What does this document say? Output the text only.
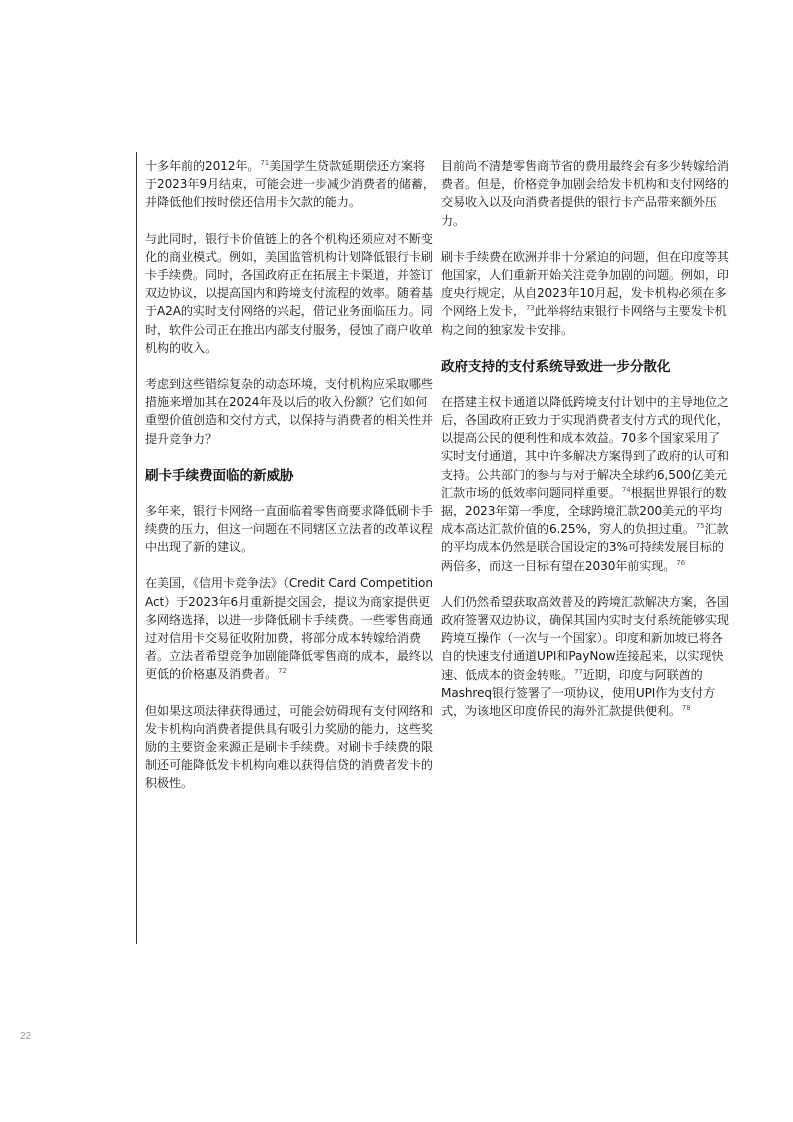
十多年前的2012年。$^{71}$美国学生贷款延期偿还方案将于2023年9月结束，可能会进一步减少消费者的储蓄，并降低他们按时偿还信用卡欠款的能力。

与此同时，银行卡价值链上的各个机构还须应对不断变化的商业模式。例如，美国监管机构计划降低银行卡刷卡手续费。同时，各国政府正在拓展主卡渠道，并签订双边协议，以提高国内和跨境支付流程的效率。随着基于A2A的实时支付网络的兴起，借记业务面临压力。同时，软件公司正在推出内部支付服务，侵蚀了商户收单机构的收入。

考虑到这些错综复杂的动态环境，支付机构应采取哪些措施来增加其在2024年及以后的收入份额？它们如何重塑价值创造和交付方式，以保持与消费者的相关性并提升竞争力？

刷卡手续费面临的新威胁

多年来，银行卡网络一直面临着零售商要求降低刷卡手续费的压力，但这一问题在不同辖区立法者的改革议程中出现了新的建议。

在美国，《信用卡竞争法》（Credit Card Competition Act）于2023年6月重新提交国会，提议为商家提供更多网络选择，以进一步降低刷卡手续费。一些零售商通过对信用卡交易征收附加费，将部分成本转嫁给消费者。立法者希望竞争加剧能降低零售商的成本，最终以更低的价格惠及消费者。$^{72}$

但如果这项法律获得通过，可能会妨碍现有支付网络和发卡机构向消费者提供具有吸引力奖励的能力，这些奖励的主要资金来源正是刷卡手续费。对刷卡手续费的限制还可能降低发卡机构向难以获得信贷的消费者发卡的积极性。

目前尚不清楚零售商节省的费用最终会有多少转嫁给消费者。但是，价格竞争加剧会给发卡机构和支付网络的交易收入以及向消费者提供的银行卡产品带来额外压力。

刷卡手续费在欧洲并非十分紧迫的问题，但在印度等其他国家，人们重新开始关注竞争加剧的问题。例如，印度央行规定，从自2023年10月起，发卡机构必须在多个网络上发卡，$^{73}$此举将结束银行卡网络与主要发卡机构之间的独家发卡安排。

政府支持的支付系统导致进一步分散化

在搭建主权卡通道以降低跨境支付计划中的主导地位之后，各国政府正致力于实现消费者支付方式的现代化，以提高公民的便利性和成本效益。70多个国家采用了实时支付通道，其中许多解决方案得到了政府的认可和支持。公共部门的参与与对于解决全球约6,500亿美元汇款市场的低效率问题同样重要。$^{74}$根据世界银行的数据，2023年第一季度，全球跨境汇款200美元的平均成本高达汇款价值的6.25%，穷人的负担过重。$^{75}$汇款的平均成本仍然是联合国设定的3%可持续发展目标的两倍多，而这一目标有望在2030年前实现。$^{76}$

人们仍然希望获取高效普及的跨境汇款解决方案，各国政府签署双边协议，确保其国内实时支付系统能够实现跨境互操作（一次与一个国家）。印度和新加坡已将各自的快速支付通道UPI和PayNow连接起来，以实现快速、低成本的资金转账。$^{77}$近期，印度与阿联酋的Mashreq银行签署了一项协议，使用UPI作为支付方式，为该地区印度侨民的海外汇款提供便利。$^{78}$

22
